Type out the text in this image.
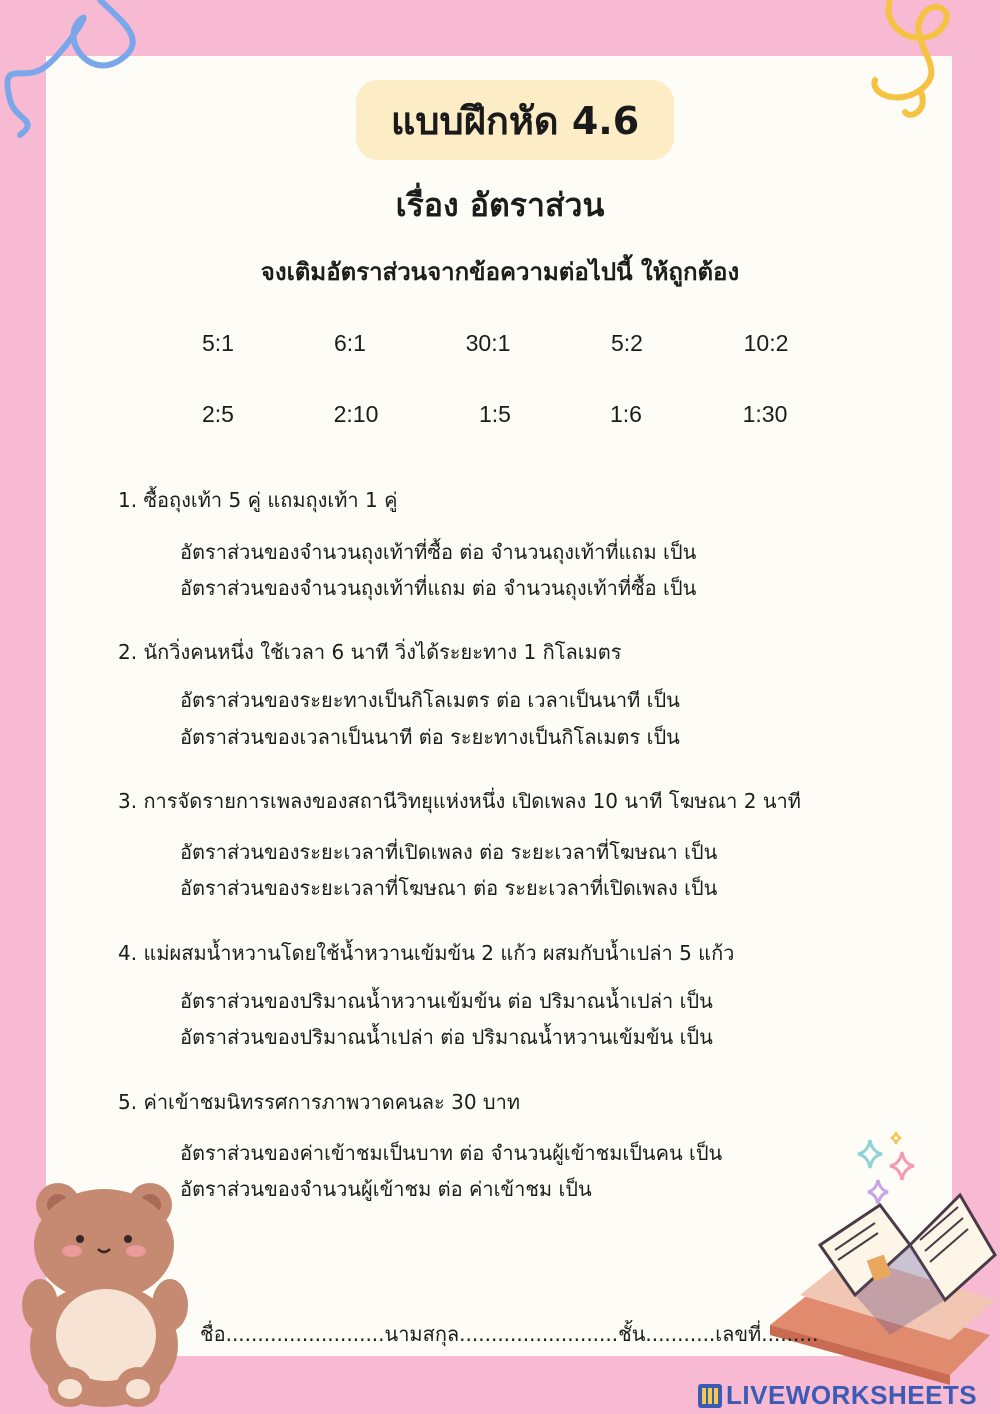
แบบฝึกหัด 4.6
เรื่อง อัตราส่วน
จงเติมอัตราส่วนจากข้อความต่อไปนี้ ให้ถูกต้อง
5:1	6:1	30:1	5:2	10:2
2:5	2:10	1:5	1:6	1:30
1. ซื้อถุงเท้า 5 คู่ แถมถุงเท้า 1 คู่
อัตราส่วนของจำนวนถุงเท้าที่ซื้อ ต่อ จำนวนถุงเท้าที่แถม เป็น
อัตราส่วนของจำนวนถุงเท้าที่แถม ต่อ จำนวนถุงเท้าที่ซื้อ เป็น
2. นักวิ่งคนหนึ่ง ใช้เวลา 6 นาที วิ่งได้ระยะทาง 1 กิโลเมตร
อัตราส่วนของระยะทางเป็นกิโลเมตร ต่อ เวลาเป็นนาที เป็น
อัตราส่วนของเวลาเป็นนาที ต่อ ระยะทางเป็นกิโลเมตร เป็น
3. การจัดรายการเพลงของสถานีวิทยุแห่งหนึ่ง เปิดเพลง 10 นาที โฆษณา 2 นาที
อัตราส่วนของระยะเวลาที่เปิดเพลง ต่อ ระยะเวลาที่โฆษณา เป็น
อัตราส่วนของระยะเวลาที่โฆษณา ต่อ ระยะเวลาที่เปิดเพลง เป็น
4. แม่ผสมน้ำหวานโดยใช้น้ำหวานเข้มข้น 2 แก้ว ผสมกับน้ำเปล่า 5 แก้ว
อัตราส่วนของปริมาณน้ำหวานเข้มข้น ต่อ ปริมาณน้ำเปล่า เป็น
อัตราส่วนของปริมาณน้ำเปล่า ต่อ ปริมาณน้ำหวานเข้มข้น เป็น
5. ค่าเข้าชมนิทรรศการภาพวาดคนละ 30 บาท
อัตราส่วนของค่าเข้าชมเป็นบาท ต่อ จำนวนผู้เข้าชมเป็นคน เป็น
อัตราส่วนของจำนวนผู้เข้าชม ต่อ ค่าเข้าชม เป็น
ชื่อ.........................นามสกุล.........................ชั้น...........เลขที่.........
LIVEWORKSHEETS
